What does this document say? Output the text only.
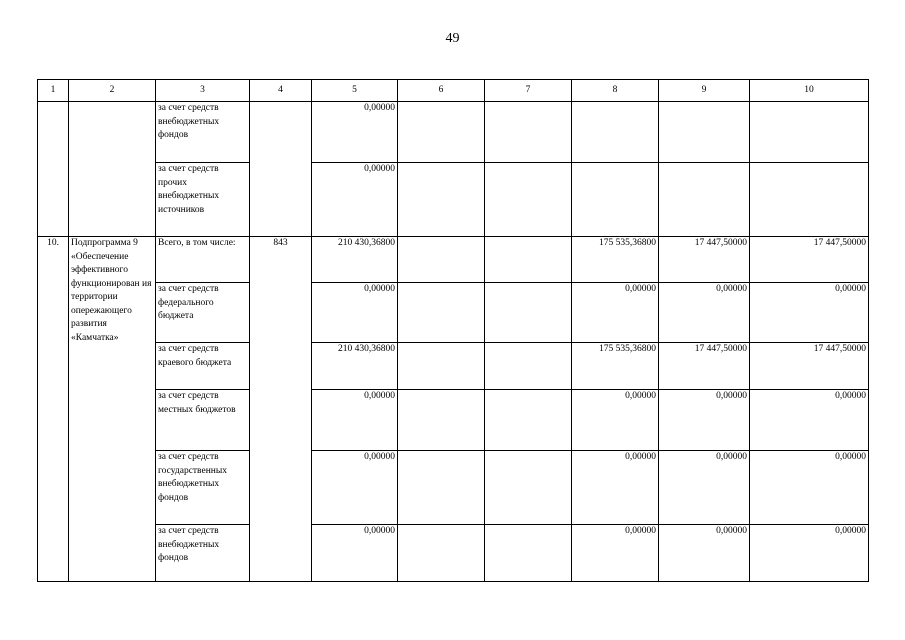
49
1	2	3	4	5	6	7	8	9	10
		за счет средств внебюджетных фондов		0,00000					
		за счет средств прочих внебюджетных источников		0,00000					
10.	Подпрограмма 9 «Обеспечение эффективного функционирован ия территории опережающего развития «Камчатка»	Всего, в том числе:	843	210 430,36800			175 535,36800	17 447,50000	17 447,50000
		за счет средств федерального бюджета		0,00000			0,00000	0,00000	0,00000
		за счет средств краевого бюджета		210 430,36800			175 535,36800	17 447,50000	17 447,50000
		за счет средств местных бюджетов		0,00000			0,00000	0,00000	0,00000
		за счет средств государственных внебюджетных фондов		0,00000			0,00000	0,00000	0,00000
		за счет средств внебюджетных фондов		0,00000			0,00000	0,00000	0,00000
